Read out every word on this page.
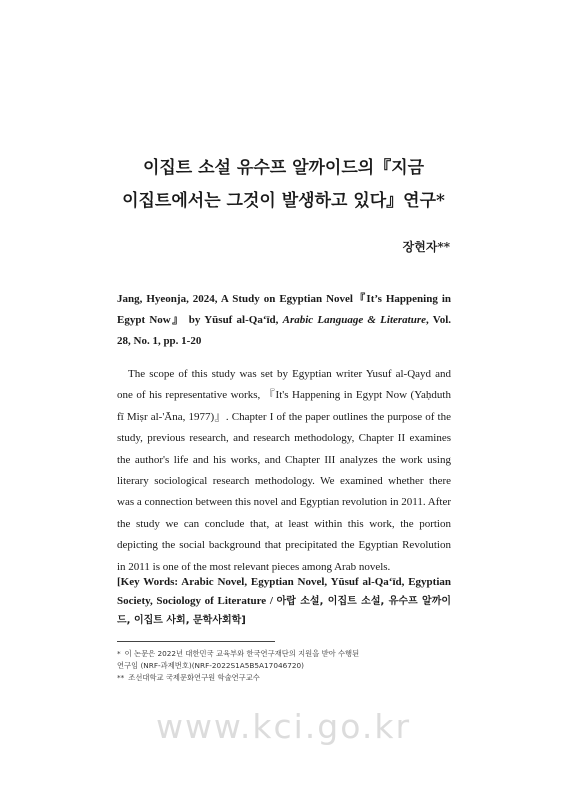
이집트 소설 유수프 알까이드의『지금
이집트에서는 그것이 발생하고 있다』연구*
장현자**
Jang, Hyeonja, 2024, A Study on Egyptian Novel『It’s Happening in Egypt Now』 by Yūsuf al-Qa‘īd, Arabic Language & Literature, Vol. 28, No. 1, pp. 1-20
The scope of this study was set by Egyptian writer Yusuf al-Qayd and one of his representative works, 『It's Happening in Egypt Now (Yaḥduth fī Miṣr al-'Āna, 1977)』. Chapter I of the paper outlines the purpose of the study, previous research, and research methodology, Chapter II examines the author's life and his works, and Chapter III analyzes the work using literary sociological research methodology. We examined whether there was a connection between this novel and Egyptian revolution in 2011. After the study we can conclude that, at least within this work, the portion depicting the social background that precipitated the Egyptian Revolution in 2011 is one of the most relevant pieces among Arab novels.
[Key Words: Arabic Novel, Egyptian Novel, Yūsuf al-Qa‘īd, Egyptian Society, Sociology of Literature / 아랍 소설, 이집트 소설, 유수프 알까이드, 이집트 사회, 문학사회학]
* 이 논문은 2022년 대한민국 교육부와 한국연구재단의 지원을 받아 수행된
연구임 (NRF-과제번호)(NRF-2022S1A5B5A17046720)
** 조선대학교 국제문화연구원 학술연구교수
www.kci.go.kr
